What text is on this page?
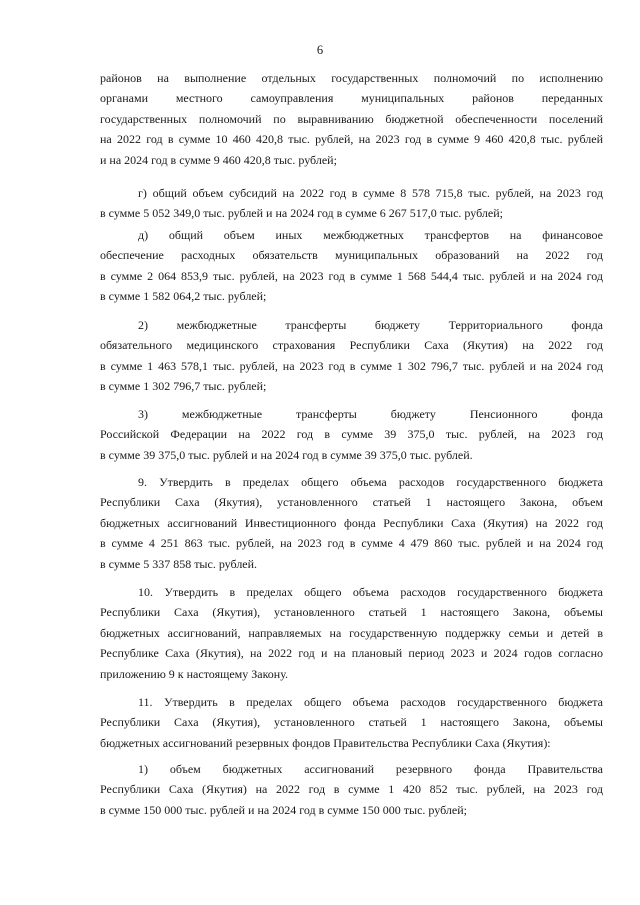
6
районов на выполнение отдельных государственных полномочий по исполнению
органами местного самоуправления муниципальных районов переданных
государственных полномочий по выравниванию бюджетной обеспеченности поселений
на 2022 год в сумме 10 460 420,8 тыс. рублей, на 2023 год в сумме 9 460 420,8 тыс. рублей
и на 2024 год в сумме 9 460 420,8 тыс. рублей;
г) общий объем субсидий на 2022 год в сумме 8 578 715,8 тыс. рублей, на 2023 год
в сумме 5 052 349,0 тыс. рублей и на 2024 год в сумме 6 267 517,0 тыс. рублей;
д) общий объем иных межбюджетных трансфертов на финансовое
обеспечение расходных обязательств муниципальных образований на 2022 год
в сумме 2 064 853,9 тыс. рублей, на 2023 год в сумме 1 568 544,4 тыс. рублей и на 2024 год
в сумме 1 582 064,2 тыс. рублей;
2) межбюджетные трансферты бюджету Территориального фонда
обязательного медицинского страхования Республики Саха (Якутия) на 2022 год
в сумме 1 463 578,1 тыс. рублей, на 2023 год в сумме 1 302 796,7 тыс. рублей и на 2024 год
в сумме 1 302 796,7 тыс. рублей;
3) межбюджетные трансферты бюджету Пенсионного фонда
Российской Федерации на 2022 год в сумме 39 375,0 тыс. рублей, на 2023 год
в сумме 39 375,0 тыс. рублей и на 2024 год в сумме 39 375,0 тыс. рублей.
9. Утвердить в пределах общего объема расходов государственного бюджета
Республики Саха (Якутия), установленного статьей 1 настоящего Закона, объем
бюджетных ассигнований Инвестиционного фонда Республики Саха (Якутия) на 2022 год
в сумме 4 251 863 тыс. рублей, на 2023 год в сумме 4 479 860 тыс. рублей и на 2024 год
в сумме 5 337 858 тыс. рублей.
10. Утвердить в пределах общего объема расходов государственного бюджета
Республики Саха (Якутия), установленного статьей 1 настоящего Закона, объемы
бюджетных ассигнований, направляемых на государственную поддержку семьи и детей в
Республике Саха (Якутия), на 2022 год и на плановый период 2023 и 2024 годов согласно
приложению 9 к настоящему Закону.
11. Утвердить в пределах общего объема расходов государственного бюджета
Республики Саха (Якутия), установленного статьей 1 настоящего Закона, объемы
бюджетных ассигнований резервных фондов Правительства Республики Саха (Якутия):
1) объем бюджетных ассигнований резервного фонда Правительства
Республики Саха (Якутия) на 2022 год в сумме 1 420 852 тыс. рублей, на 2023 год
в сумме 150 000 тыс. рублей и на 2024 год в сумме 150 000 тыс. рублей;
